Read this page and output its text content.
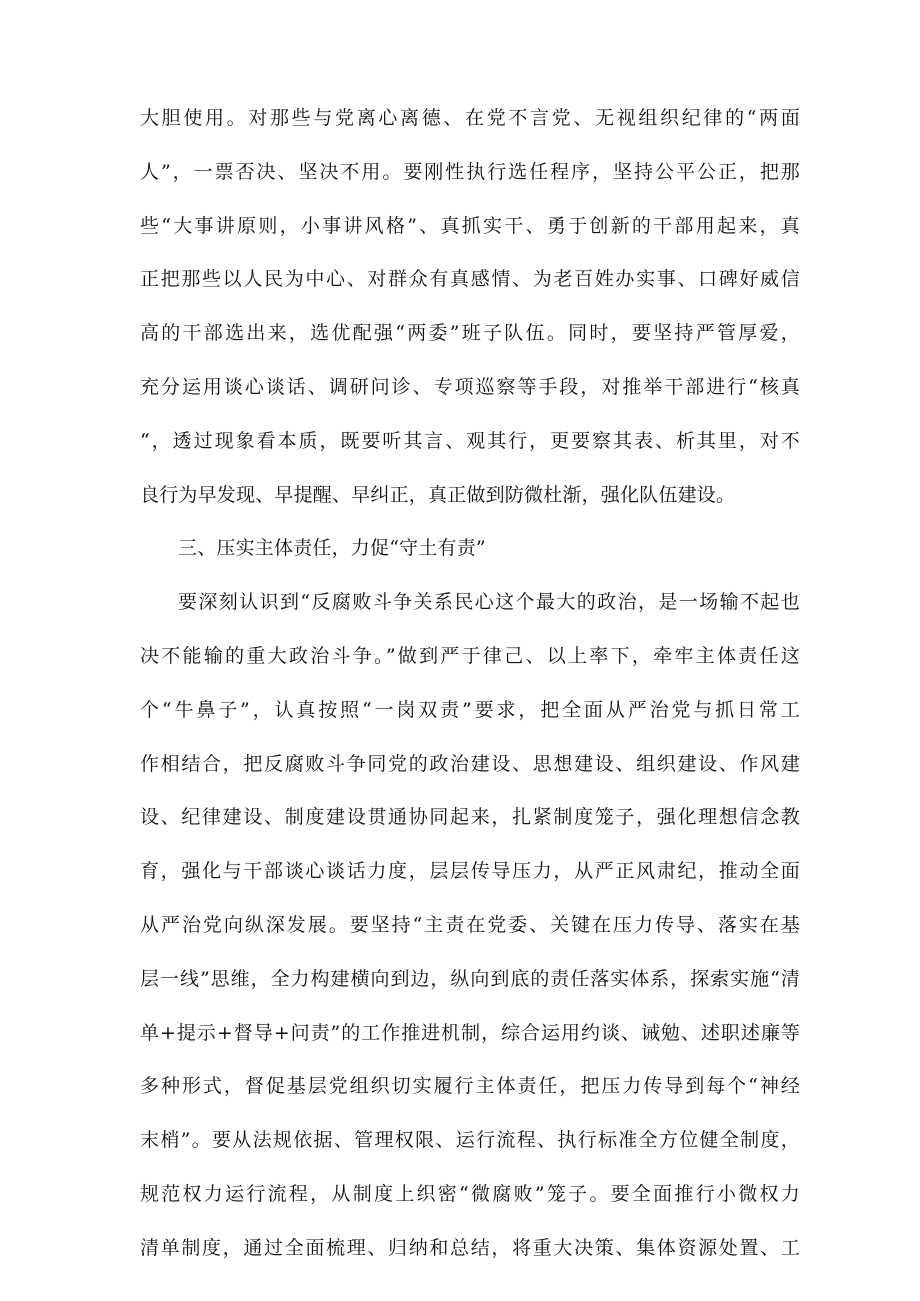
大胆使用。对那些与党离心离德、在党不言党、无视组织纪律的“两面
人”，一票否决、坚决不用。要刚性执行选任程序，坚持公平公正，把那
些“大事讲原则，小事讲风格”、真抓实干、勇于创新的干部用起来，真
正把那些以人民为中心、对群众有真感情、为老百姓办实事、口碑好威信
高的干部选出来，选优配强“两委”班子队伍。同时，要坚持严管厚爱，
充分运用谈心谈话、调研问诊、专项巡察等手段，对推举干部进行“核真
“，透过现象看本质，既要听其言、观其行，更要察其表、析其里，对不
良行为早发现、早提醒、早纠正，真正做到防微杜渐，强化队伍建设。
三、压实主体责任，力促“守土有责”
要深刻认识到“反腐败斗争关系民心这个最大的政治，是一场输不起也
决不能输的重大政治斗争。”做到严于律己、以上率下，牵牢主体责任这
个“牛鼻子”，认真按照“一岗双责”要求，把全面从严治党与抓日常工
作相结合，把反腐败斗争同党的政治建设、思想建设、组织建设、作风建
设、纪律建设、制度建设贯通协同起来，扎紧制度笼子，强化理想信念教
育，强化与干部谈心谈话力度，层层传导压力，从严正风肃纪，推动全面
从严治党向纵深发展。要坚持“主责在党委、关键在压力传导、落实在基
层一线”思维，全力构建横向到边，纵向到底的责任落实体系，探索实施“清
单+提示+督导+问责”的工作推进机制，综合运用约谈、诫勉、述职述廉等
多种形式，督促基层党组织切实履行主体责任，把压力传导到每个“神经
末梢”。要从法规依据、管理权限、运行流程、执行标准全方位健全制度，
规范权力运行流程，从制度上织密“微腐败”笼子。要全面推行小微权力
清单制度，通过全面梳理、归纳和总结，将重大决策、集体资源处置、工
